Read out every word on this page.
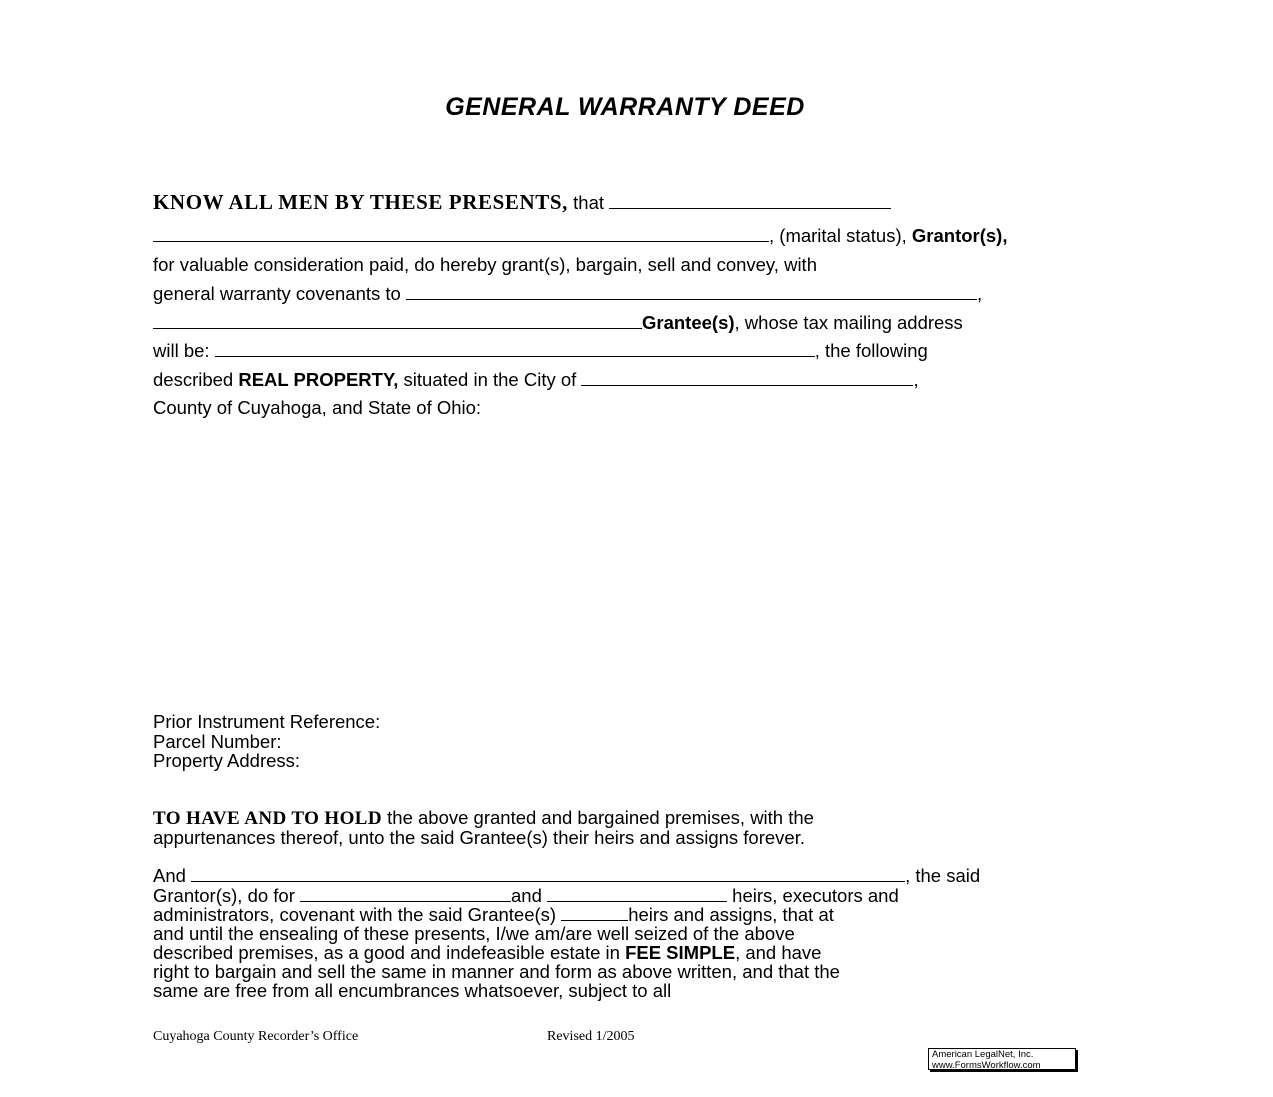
GENERAL WARRANTY DEED
KNOW ALL MEN BY THESE PRESENTS, that
, (marital status), Grantor(s),
for valuable consideration paid, do hereby grant(s), bargain, sell and convey, with
general warranty covenants to	,
Grantee(s), whose tax mailing address
will be:	, the following
described REAL PROPERTY, situated in the City of	,
County of Cuyahoga, and State of Ohio:
Prior Instrument Reference:
Parcel Number:
Property Address:
TO HAVE AND TO HOLD the above granted and bargained premises, with the
appurtenances thereof, unto the said Grantee(s) their heirs and assigns forever.
And	, the said
Grantor(s), do for	and	heirs, executors and
administrators, covenant with the said Grantee(s)	heirs and assigns, that at
and until the ensealing of these presents, I/we am/are well seized of the above
described premises, as a good and indefeasible estate in FEE SIMPLE, and have
right to bargain and sell the same in manner and form as above written, and that the
same are free from all encumbrances whatsoever, subject to all
Cuyahoga County Recorder’s Office	Revised 1/2005
American LegalNet, Inc.
www.FormsWorkflow.com
